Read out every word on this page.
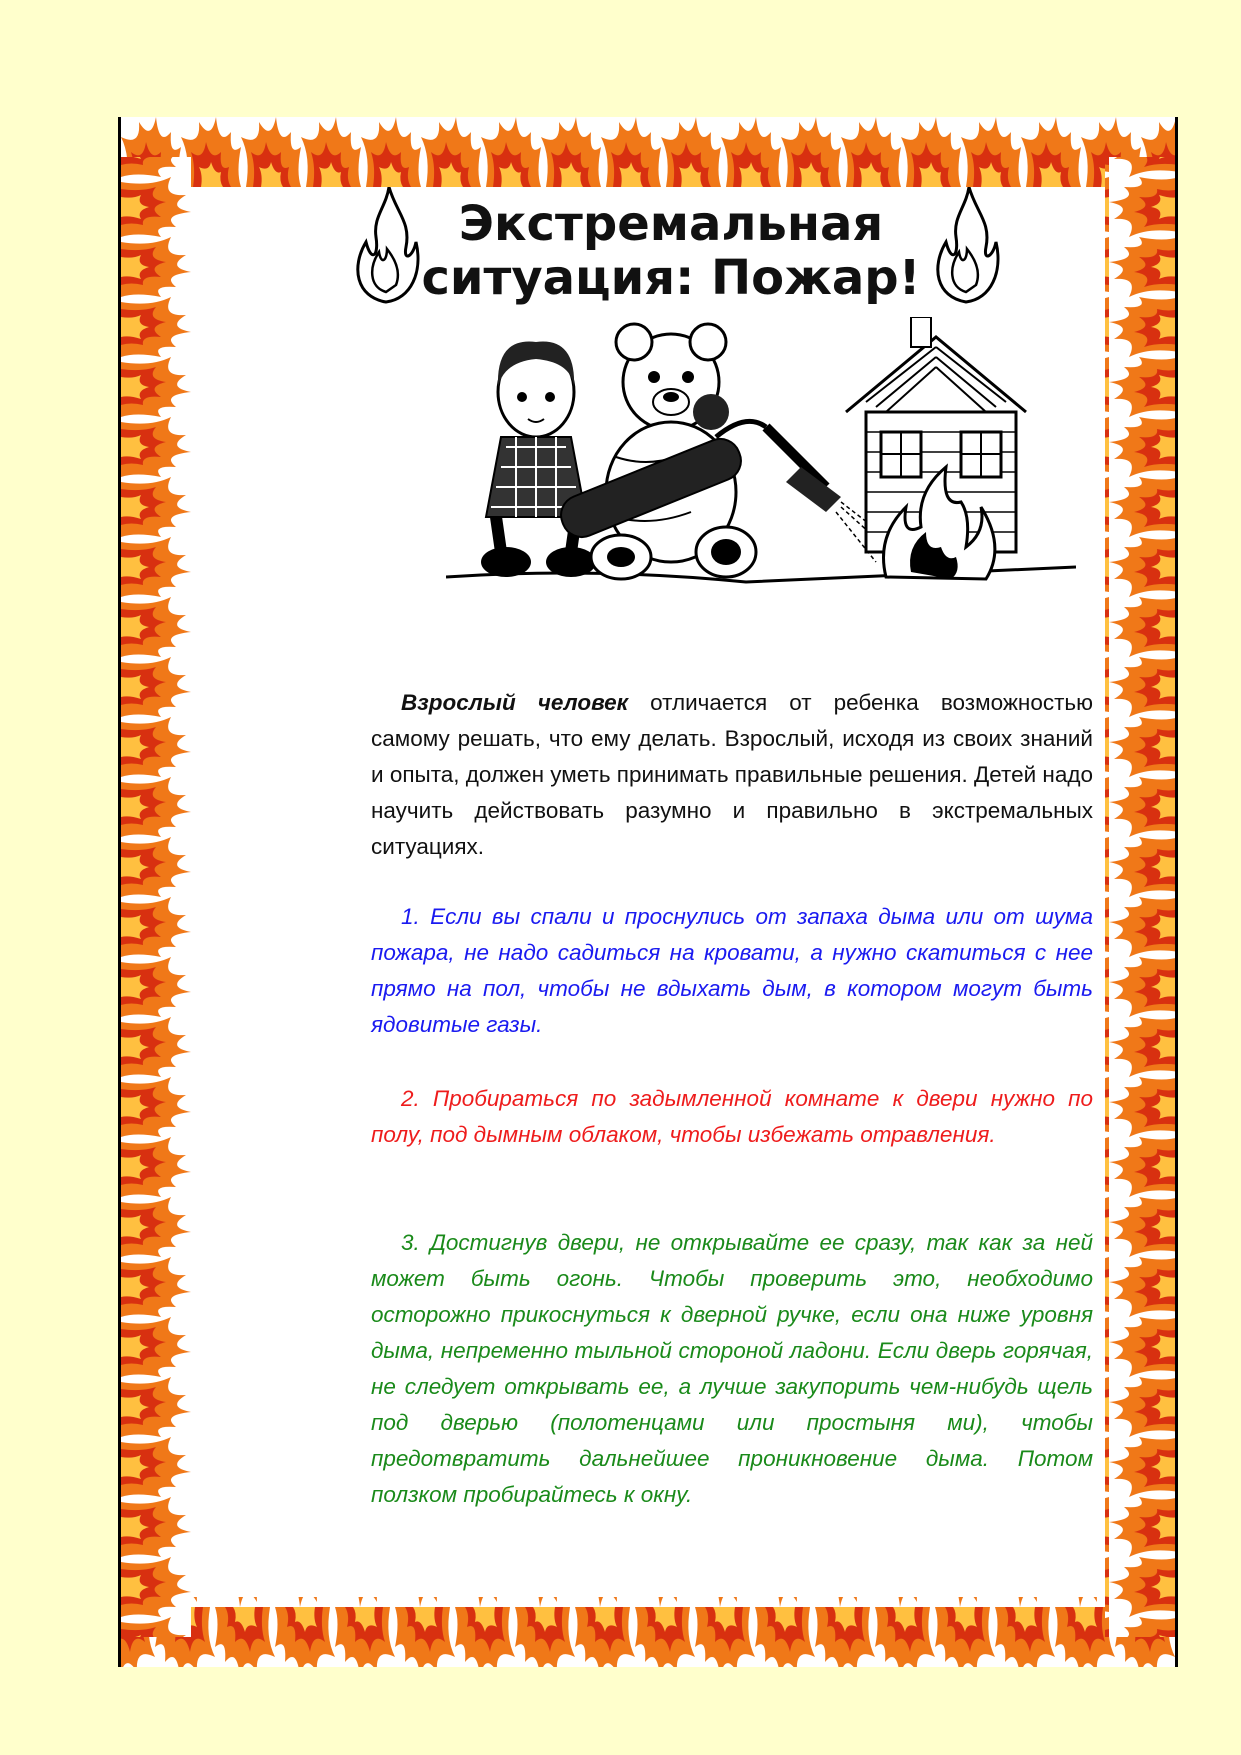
Экстремальная
ситуация: Пожар!

Взрослый человек отличается от ребенка возможностью самому решать, что ему делать. Взрослый, исходя из своих знаний и опыта, должен уметь принимать правильные решения. Детей надо научить действовать разумно и правильно в экстремальных ситуациях.

1. Если вы спали и проснулись от запаха дыма или от шума пожара, не надо садиться на кровати, а нужно скатиться с нее прямо на пол, чтобы не вдыхать дым, в котором могут быть ядовитые газы.

2. Пробираться по задымленной комнате к двери нужно по полу, под дымным облаком, чтобы избежать отравления.

3. Достигнув двери, не открывайте ее сразу, так как за ней может быть огонь. Чтобы проверить это, необходимо осторожно прикоснуться к дверной ручке, если она ниже уровня дыма, непременно тыльной стороной ладони. Если дверь горячая, не следует открывать ее, а лучше закупорить чем-нибудь щель под дверью (полотенцами или простыня ми), чтобы предотвратить дальнейшее проникновение дыма. Потом ползком пробирайтесь к окну.
